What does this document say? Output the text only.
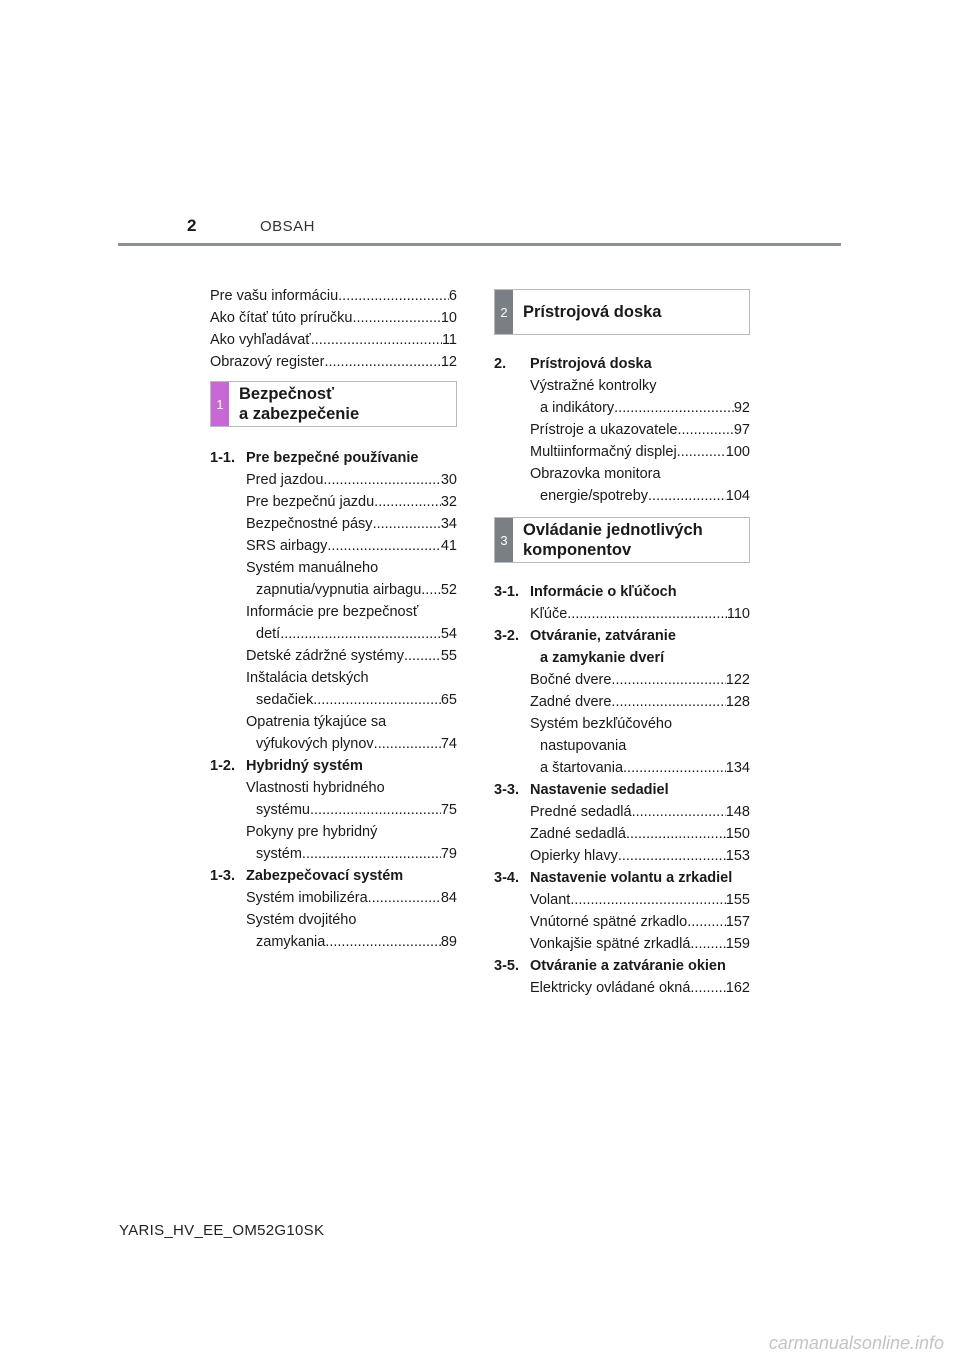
2	OBSAH
Pre vašu informáciu .....	6
Ako čítať túto príručku .....	10
Ako vyhľadávať .....	11
Obrazový register .....	12
1
Bezpečnosť
a zabezpečenie
1-1. Pre bezpečné používanie
Pred jazdou .....	30
Pre bezpečnú jazdu .....	32
Bezpečnostné pásy .....	34
SRS airbagy .....	41
Systém manuálneho
zapnutia/vypnutia airbagu ..... 52
Informácie pre bezpečnosť
detí .....	54
Detské zádržné systémy .....	55
Inštalácia detských
sedačiek .....	65
Opatrenia týkajúce sa
výfukových plynov .....	74
1-2. Hybridný systém
Vlastnosti hybridného
systému .....	75
Pokyny pre hybridný
systém .....	79
1-3. Zabezpečovací systém
Systém imobilizéra .....	84
Systém dvojitého
zamykania .....	89
2 Prístrojová doska
2.	Prístrojová doska
Výstražné kontrolky
a indikátory .....	92
Prístroje a ukazovatele .....	97
Multiinformačný displej .....	100
Obrazovka monitora
energie/spotreby .....	104
3
Ovládanie jednotlivých
komponentov
3-1. Informácie o kľúčoch
Kľúče .....	110
3-2. Otváranie, zatváranie
a zamykanie dverí
Bočné dvere .....	122
Zadné dvere .....	128
Systém bezkľúčového
nastupovania
a štartovania .....	134
3-3. Nastavenie sedadiel
Predné sedadlá .....	148
Zadné sedadlá .....	150
Opierky hlavy .....	153
3-4. Nastavenie volantu a zrkadiel
Volant .....	155
Vnútorné spätné zrkadlo .....	157
Vonkajšie spätné zrkadlá ..... 159
3-5. Otváranie a zatváranie okien
Elektricky ovládané okná ..... 162
YARIS_HV_EE_OM52G10SK
carmanualsonline.info
